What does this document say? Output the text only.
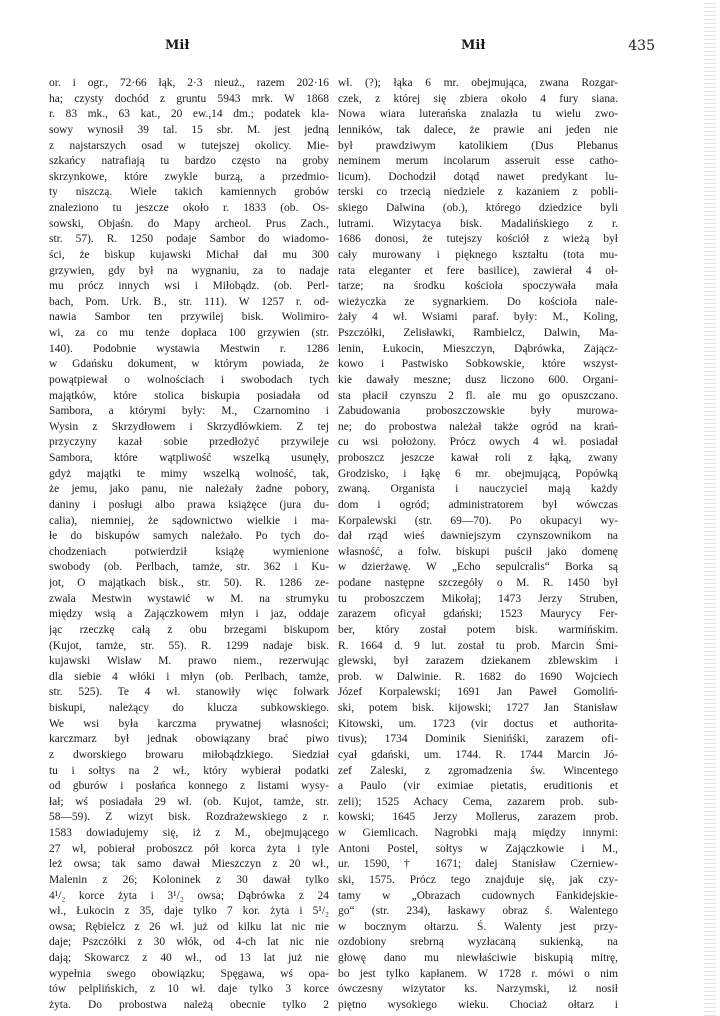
Mił	Mił	435
or. i ogr., 72·66 łąk, 2·3 nieuż., razem 202·16
ha; czysty dochód z gruntu 5943 mrk. W 1868
r. 83 mk., 63 kat., 20 ew.,14 dm.; podatek kla-
sowy wynosił 39 tal. 15 sbr. M. jest jedną
z najstarszych osad w tutejszej okolicy. Mie-
szkańcy natrafiają tu bardzo często na groby
skrzynkowe, które zwykle burzą, a przedmio-
ty niszczą. Wiele takich kamiennych grobów
znaleziono tu jeszcze około r. 1833 (ob. Os-
sowski, Objaśn. do Mapy archeol. Prus Zach.,
str. 57). R. 1250 podaje Sambor do wiadomo-
ści, że biskup kujawski Michał dał mu 300
grzywien, gdy był na wygnaniu, za to nadaje
mu prócz innych wsi i Miłobądz. (ob. Perl-
bach, Pom. Urk. B., str. 111). W 1257 r. od-
nawia Sambor ten przywilej bisk. Wolimiro-
wi, za co mu tenże dopłaca 100 grzywien (str.
140). Podobnie wystawia Mestwin r. 1286
w Gdańsku dokument, w którym powiada, że
powątpiewał o wolnościach i swobodach tych
majątków, które stolica biskupia posiadała od
Sambora, a którymi były: M., Czarnomino i
Wysin z Skrzydłowem i Skrzydłówkiem. Z tej
przyczyny kazał sobie przedłożyć przywileje
Sambora, które wątpliwość wszelką usunęły,
gdyż majątki te mimy wszelką wolność, tak,
że jemu, jako panu, nie należały żadne pobory,
daniny i posługi albo prawa książęce (jura du-
calia), niemniej, że sądownictwo wielkie i ma-
łe do biskupów samych należało. Po tych do-
chodzeniach potwierdził książę wymienione
swobody (ob. Perlbach, tamże, str. 362 i Ku-
jot, O majątkach bisk., str. 50). R. 1286 ze-
zwala Mestwin wystawić w M. na strumyku
między wsią a Zajączkowem młyn i jaz, oddaje
jąc rzeczkę całą z obu brzegami biskupom
(Kujot, tamże, str. 55). R. 1299 nadaje bisk.
kujawski Wisław M. prawo niem., rezerwując
dla siebie 4 włóki i młyn (ob. Perlbach, tamże,
str. 525). Te 4 wł. stanowiły więc folwark
biskupi, należący do klucza subkowskiego.
We wsi była karczma prywatnej własności;
karczmarz był jednak obowiązany brać piwo
z dworskiego browaru miłobądzkiego. Siedział
tu i sołtys na 2 wł., który wybierał podatki
od gburów i posłańca konnego z listami wysy-
łał; wś posiadała 29 wł. (ob. Kujot, tamże, str.
58—59). Z wizyt bisk. Rozdrażewskiego z r.
1583 dowiadujemy się, iż z M., obejmującego
27 wł, pobierał proboszcz pół korca żyta i tyle
leż owsa; tak samo dawał Mieszczyn z 20 wł.,
Malenin z 26; Koloninek z 30 dawał tylko
4¹/₂ korce żyta i 3¹/₂ owsa; Dąbrówka z 24
wł., Łukocin z 35, daje tylko 7 kor. żyta i 5¹/₂
owsa; Rębielcz z 26 wł. już od kilku lat nic nie
daje; Pszczółki z 30 włók, od 4-ch lat nic nie
dają; Skowarcz z 40 wł., od 13 lat już nie
wypełnia swego obowiązku; Spęgawa, wś opa-
tów pelplińskich, z 10 wł. daje tylko 3 korce
żyta. Do probostwa należą obecnie tylko 2
wł. (?); łąka 6 mr. obejmująca, zwana Rozgar-
czek, z której się zbiera około 4 fury siana.
Nowa wiara luterańska znalazła tu wielu zwo-
lenników, tak dalece, że prawie ani jeden nie
był prawdziwym katolikiem (Dus Plebanus
neminem merum incolarum asseruit esse catho-
licum). Dochodził dotąd nawet predykant lu-
terski co trzecią niedziele z kazaniem z pobli-
skiego Dalwina (ob.), którego dziedzice byli
lutrami. Wizytacya bisk. Madalińskiego z r.
1686 donosi, że tutejszy kościół z wieżą był
cały murowany i pięknego kształtu (tota mu-
rata eleganter et fere basilice), zawierał 4 oł-
tarze; na środku kościoła spoczywała mała
wieżyczka ze sygnarkiem. Do kościoła nale-
żały 4 wł. Wsiami paraf. były: M., Koling,
Pszczółki, Zelisławki, Rambielcz, Dalwin, Ma-
lenin, Łukocin, Mieszczyn, Dąbrówka, Zającz-
kowo i Pastwisko Sobkowskie, które wszyst-
kie dawały meszne; dusz liczono 600. Organi-
sta płacił czynszu 2 fl. ale mu go opuszczano.
Zabudowania proboszczowskie były murowa-
ne; do probostwa należał także ogród na krań-
cu wsi położony. Prócz owych 4 wł. posiadał
proboszcz jeszcze kawał roli z łąką, zwany
Grodzisko, i łąkę 6 mr. obejmującą, Popówką
zwaną. Organista i nauczyciel mają każdy
dom i ogród; administratorem był wówczas
Korpalewski (str. 69—70). Po okupacyi wy-
dał rząd wieś dawniejszym czynszownikom na
własność, a folw. biskupi puścił jako domenę
w dzierżawę. W „Echo sepulcralis“ Borka są
podane następne szczegóły o M. R. 1450 był
tu proboszczem Mikołaj; 1473 Jerzy Struben,
zarazem oficyał gdański; 1523 Maurycy Fer-
ber, który został potem bisk. warmińskim.
R. 1664 d. 9 lut. został tu prob. Marcin Śmi-
glewski, był zarazem dziekanem zblewskim i
prob. w Dalwinie. R. 1682 do 1690 Wojciech
Józef Korpalewski; 1691 Jan Paweł Gomoliń-
ski, potem bisk. kijowski; 1727 Jan Stanisław
Kitowski, um. 1723 (vir doctus et authorita-
tivus); 1734 Dominik Sienińśki, zarazem ofi-
cyał gdański, um. 1744. R. 1744 Marcin Jó-
zef Zaleski, z zgromadzenia św. Wincentego
a Paulo (vir eximiae pietatis, eruditionis et
zeli); 1525 Achacy Cema, zazarem prob. sub-
kowski; 1645 Jerzy Mollerus, zarazem prob.
w Giemlicach. Nagrobki mają między innymi:
Antoni Postel, sołtys w Zajączkowie i M.,
ur. 1590, † 1671; dalej Stanisław Czerniew-
ski, 1575. Prócz tego znajdujе się, jak czy-
tamy w „Obrazach cudownych Fankidejskie-
go“ (str. 234), łaskawy obraz ś. Walentego
w bocznym ołtarzu. Ś. Walenty jest przy-
ozdobiony srebrną wyzłacaną sukienką, na
głowę dano mu niewłaściwie biskupią mitrę,
bo jest tylko kapłanem. W 1728 r. mówi o nim
ówczesny wizytator ks. Narzymski, iż nosił
piętno wysokiego wieku. Chociaż ołtarz i
